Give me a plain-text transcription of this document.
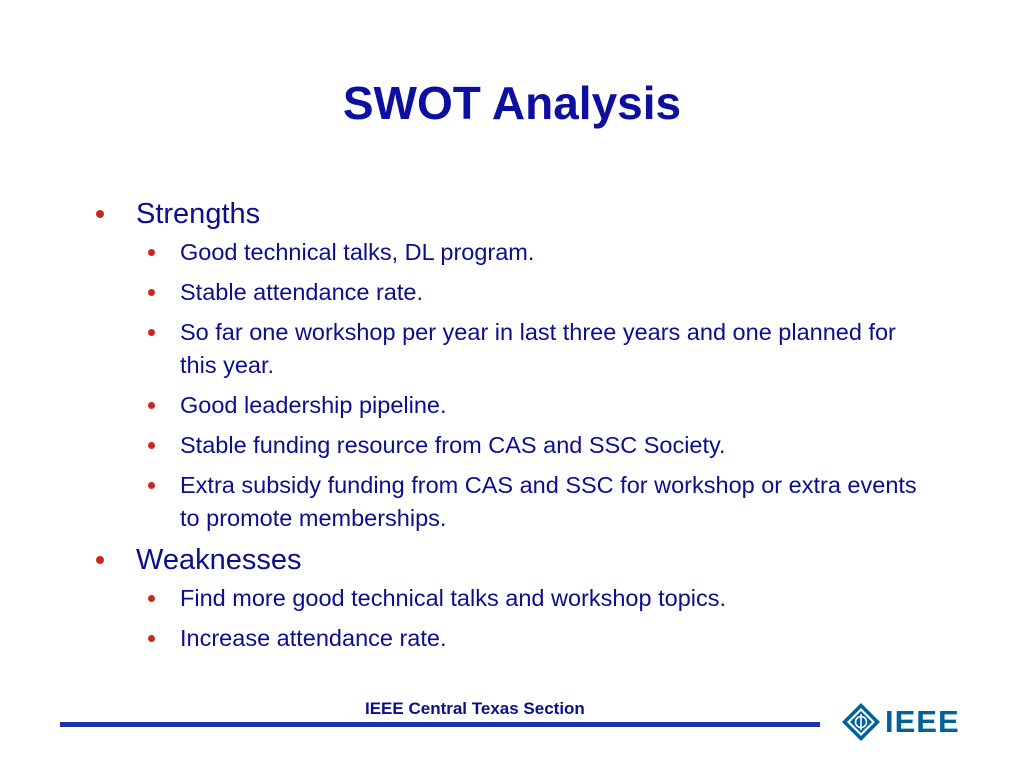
SWOT Analysis
Strengths
Good technical talks, DL program.
Stable attendance rate.
So far one workshop per year in last three years and one planned for this year.
Good leadership pipeline.
Stable funding resource from CAS and SSC Society.
Extra subsidy funding from CAS and SSC for workshop or extra events to promote memberships.
Weaknesses
Find more good technical talks and workshop topics.
Increase attendance rate.
IEEE Central Texas Section	IEEE
